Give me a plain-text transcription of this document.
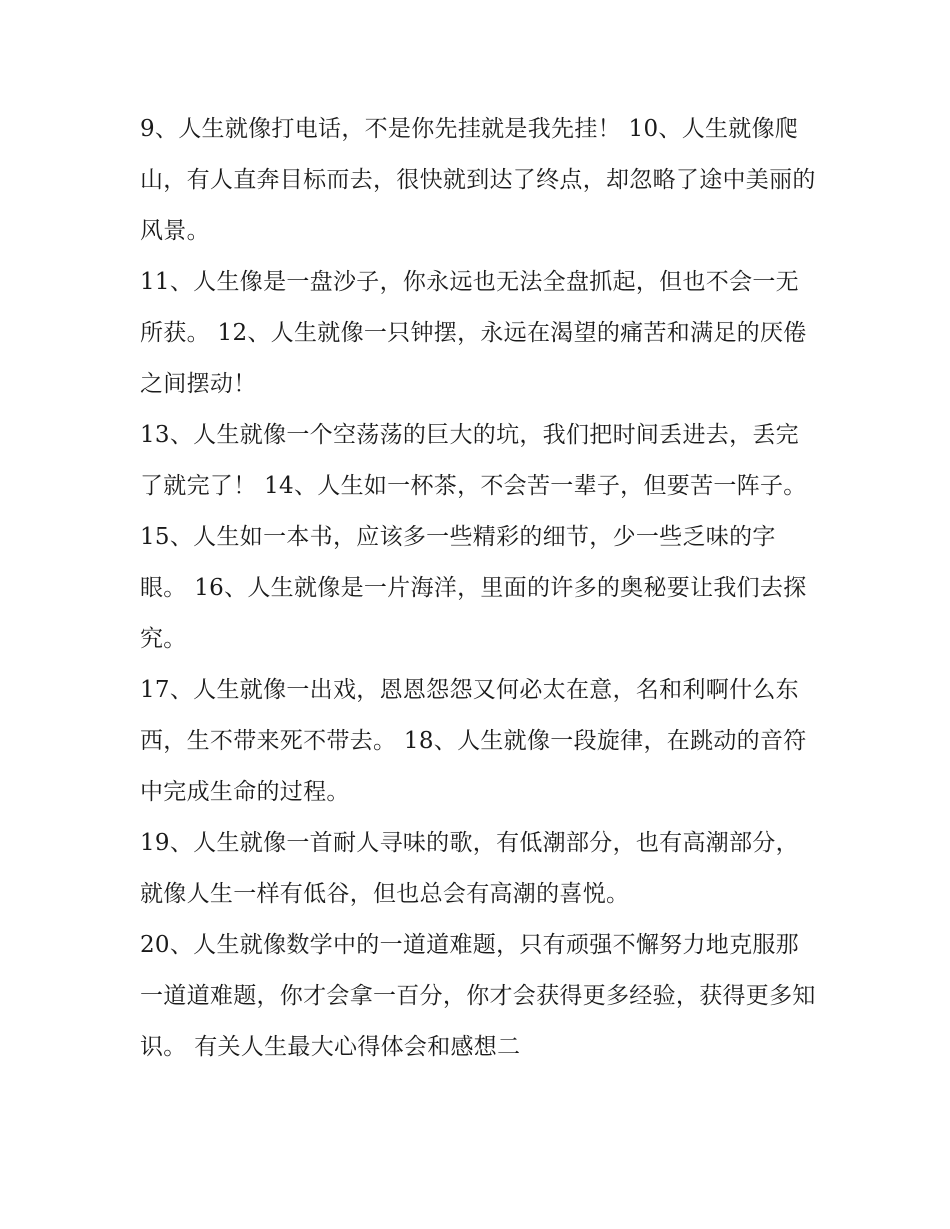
9、人生就像打电话，不是你先挂就是我先挂！ 10、人生就像爬山，有人直奔目标而去，很快就到达了终点，却忽略了途中美丽的风景。

11、人生像是一盘沙子，你永远也无法全盘抓起，但也不会一无所获。 12、人生就像一只钟摆，永远在渴望的痛苦和满足的厌倦之间摆动！

13、人生就像一个空荡荡的巨大的坑，我们把时间丢进去，丢完了就完了！ 14、人生如一杯茶，不会苦一辈子，但要苦一阵子。

15、人生如一本书，应该多一些精彩的细节，少一些乏味的字眼。 16、人生就像是一片海洋，里面的许多的奥秘要让我们去探究。

17、人生就像一出戏，恩恩怨怨又何必太在意，名和利啊什么东西，生不带来死不带去。 18、人生就像一段旋律，在跳动的音符中完成生命的过程。

19、人生就像一首耐人寻味的歌，有低潮部分，也有高潮部分，就像人生一样有低谷，但也总会有高潮的喜悦。

20、人生就像数学中的一道道难题，只有顽强不懈努力地克服那一道道难题，你才会拿一百分，你才会获得更多经验，获得更多知识。 有关人生最大心得体会和感想二
